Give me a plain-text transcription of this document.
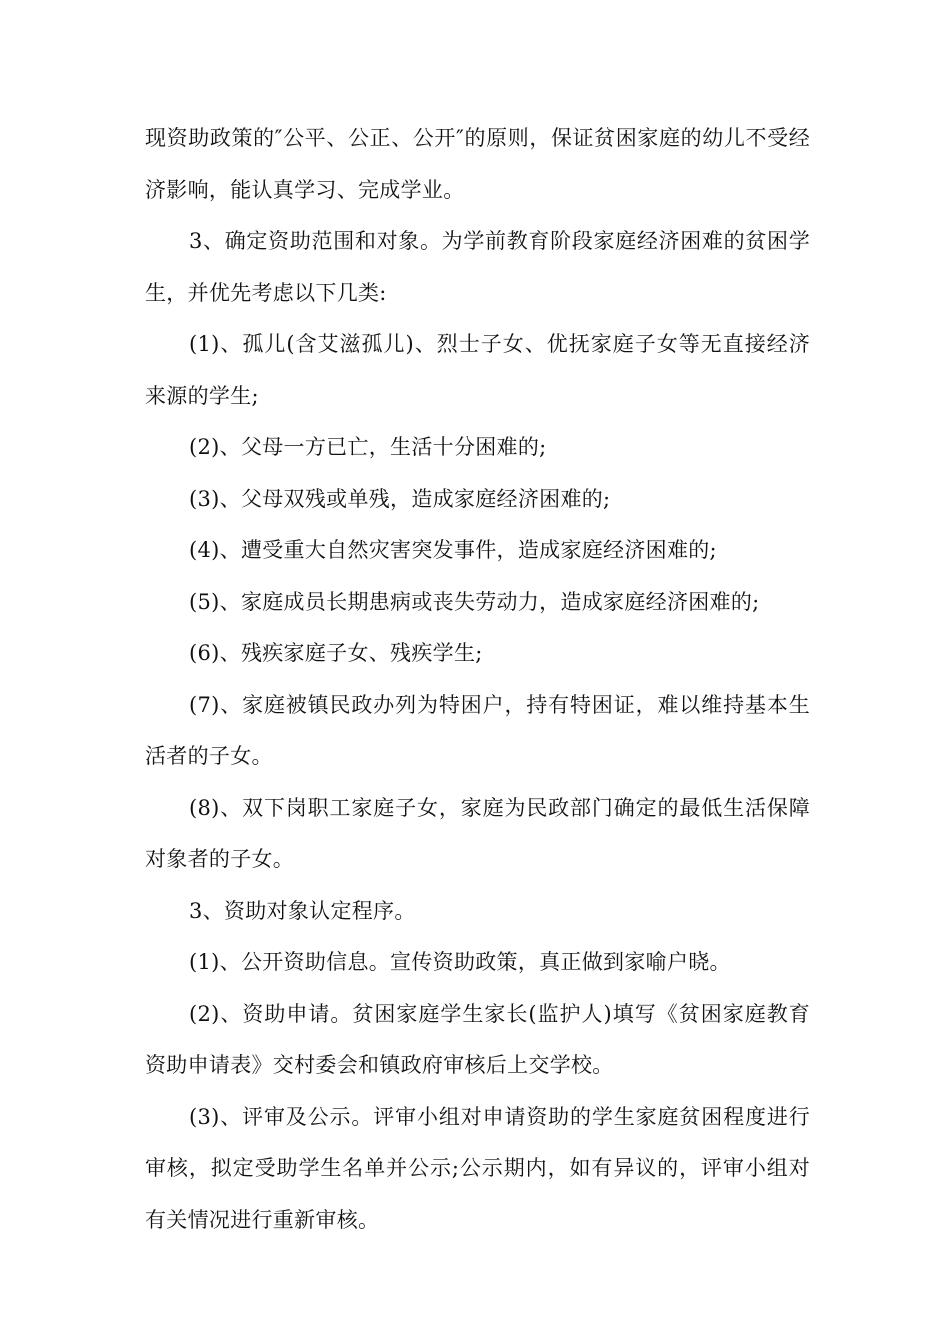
现资助政策的″公平、公正、公开″的原则，保证贫困家庭的幼儿不受经济影响，能认真学习、完成学业。

3、确定资助范围和对象。为学前教育阶段家庭经济困难的贫困学生，并优先考虑以下几类:

(1)、孤儿(含艾滋孤儿)、烈士子女、优抚家庭子女等无直接经济来源的学生;

(2)、父母一方已亡，生活十分困难的;

(3)、父母双残或单残，造成家庭经济困难的;

(4)、遭受重大自然灾害突发事件，造成家庭经济困难的;

(5)、家庭成员长期患病或丧失劳动力，造成家庭经济困难的;

(6)、残疾家庭子女、残疾学生;

(7)、家庭被镇民政办列为特困户，持有特困证，难以维持基本生活者的子女。

(8)、双下岗职工家庭子女，家庭为民政部门确定的最低生活保障对象者的子女。

3、资助对象认定程序。

(1)、公开资助信息。宣传资助政策，真正做到家喻户晓。

(2)、资助申请。贫困家庭学生家长(监护人)填写《贫困家庭教育资助申请表》交村委会和镇政府审核后上交学校。

(3)、评审及公示。评审小组对申请资助的学生家庭贫困程度进行审核，拟定受助学生名单并公示;公示期内，如有异议的，评审小组对有关情况进行重新审核。
